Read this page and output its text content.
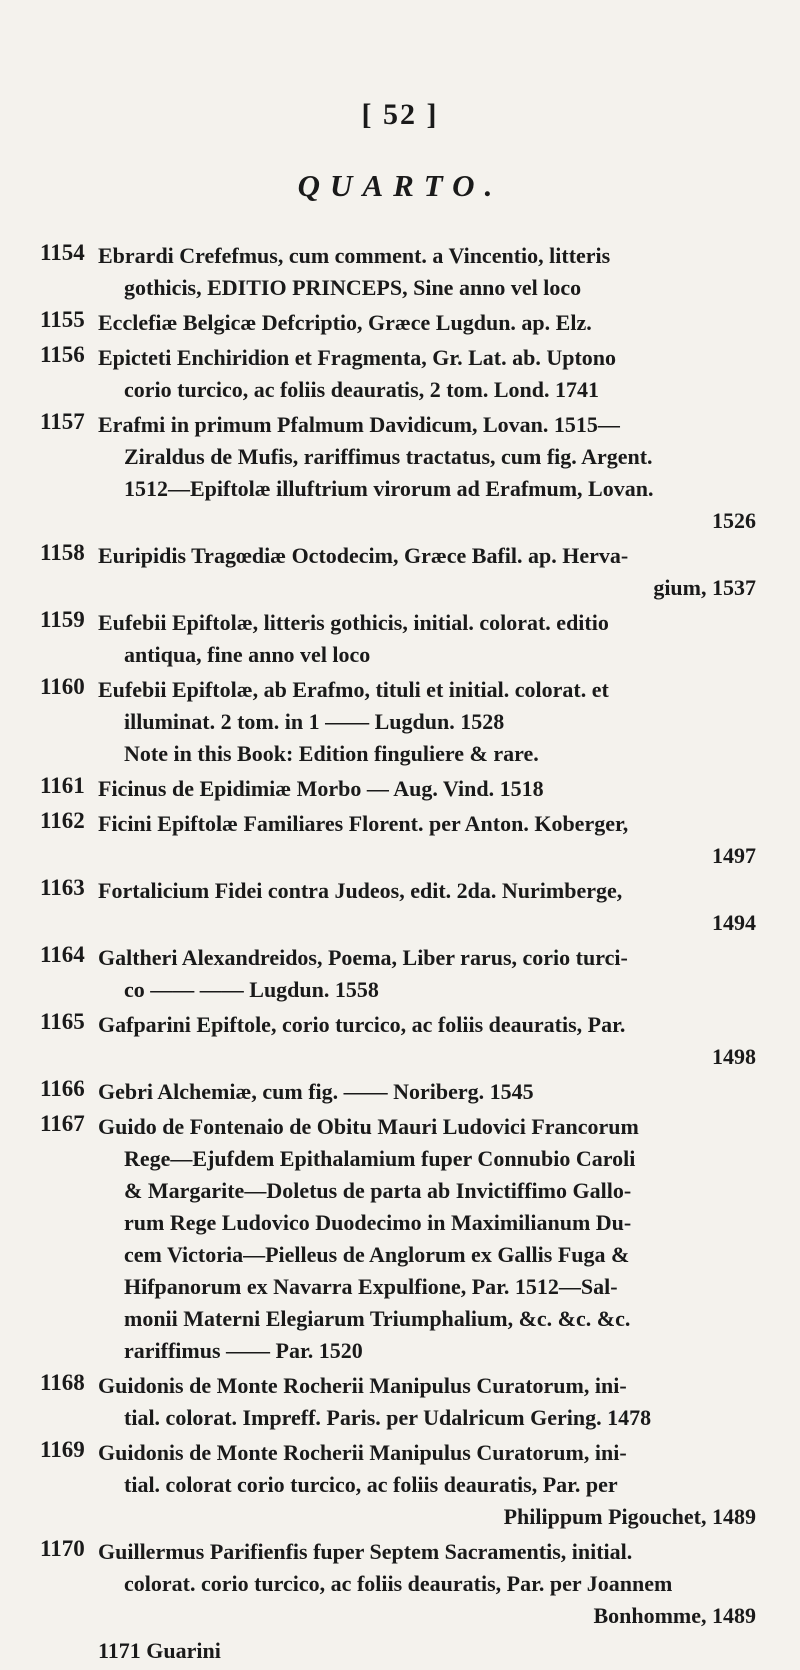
[ 52 ]
QUARTO.
1154 Ebrardi Crefefmus, cum comment. a Vincentio, litteris
gothicis, EDITIO PRINCEPS, Sine anno vel loco
1155 Ecclefiæ Belgicæ Defcriptio, Græce Lugdun. ap. Elz.
1156 Epicteti Enchiridion et Fragmenta, Gr. Lat. ab. Uptono
corio turcico, ac foliis deauratis, 2 tom. Lond. 1741
1157 Erafmi in primum Pfalmum Davidicum, Lovan. 1515—
Ziraldus de Mufis, rariffimus tractatus, cum fig. Argent.
1512—Epiftolæ illuftrium virorum ad Erafmum, Lovan.
1526
1158 Euripidis Tragœdiæ Octodecim, Græce Bafil. ap. Herva-
gium, 1537
1159 Eufebii Epiftolæ, litteris gothicis, initial. colorat. editio
antiqua, fine anno vel loco
1160 Eufebii Epiftolæ, ab Erafmo, tituli et initial. colorat. et
illuminat. 2 tom. in 1 —— Lugdun. 1528
Note in this Book: Edition finguliere & rare.
1161 Ficinus de Epidimiæ Morbo — Aug. Vind. 1518
1162 Ficini Epiftolæ Familiares Florent. per Anton. Koberger,
1497
1163 Fortalicium Fidei contra Judeos, edit. 2da. Nurimberge,
1494
1164 Galtheri Alexandreidos, Poema, Liber rarus, corio turci-
co —— —— Lugdun. 1558
1165 Gafparini Epiftole, corio turcico, ac foliis deauratis, Par.
1498
1166 Gebri Alchemiæ, cum fig. —— Noriberg. 1545
1167 Guido de Fontenaio de Obitu Mauri Ludovici Francorum
Rege—Ejufdem Epithalamium fuper Connubio Caroli
& Margarite—Doletus de parta ab Invictiffimo Gallo-
rum Rege Ludovico Duodecimo in Maximilianum Du-
cem Victoria—Pielleus de Anglorum ex Gallis Fuga &
Hifpanorum ex Navarra Expulfione, Par. 1512—Sal-
monii Materni Elegiarum Triumphalium, &c. &c. &c.
rariffimus —— Par. 1520
1168 Guidonis de Monte Rocherii Manipulus Curatorum, ini-
tial. colorat. Impreff. Paris. per Udalricum Gering. 1478
1169 Guidonis de Monte Rocherii Manipulus Curatorum, ini-
tial. colorat corio turcico, ac foliis deauratis, Par. per
Philippum Pigouchet, 1489
1170 Guillermus Parifienfis fuper Septem Sacramentis, initial.
colorat. corio turcico, ac foliis deauratis, Par. per Joannem
Bonhomme, 1489
1171 Guarini
